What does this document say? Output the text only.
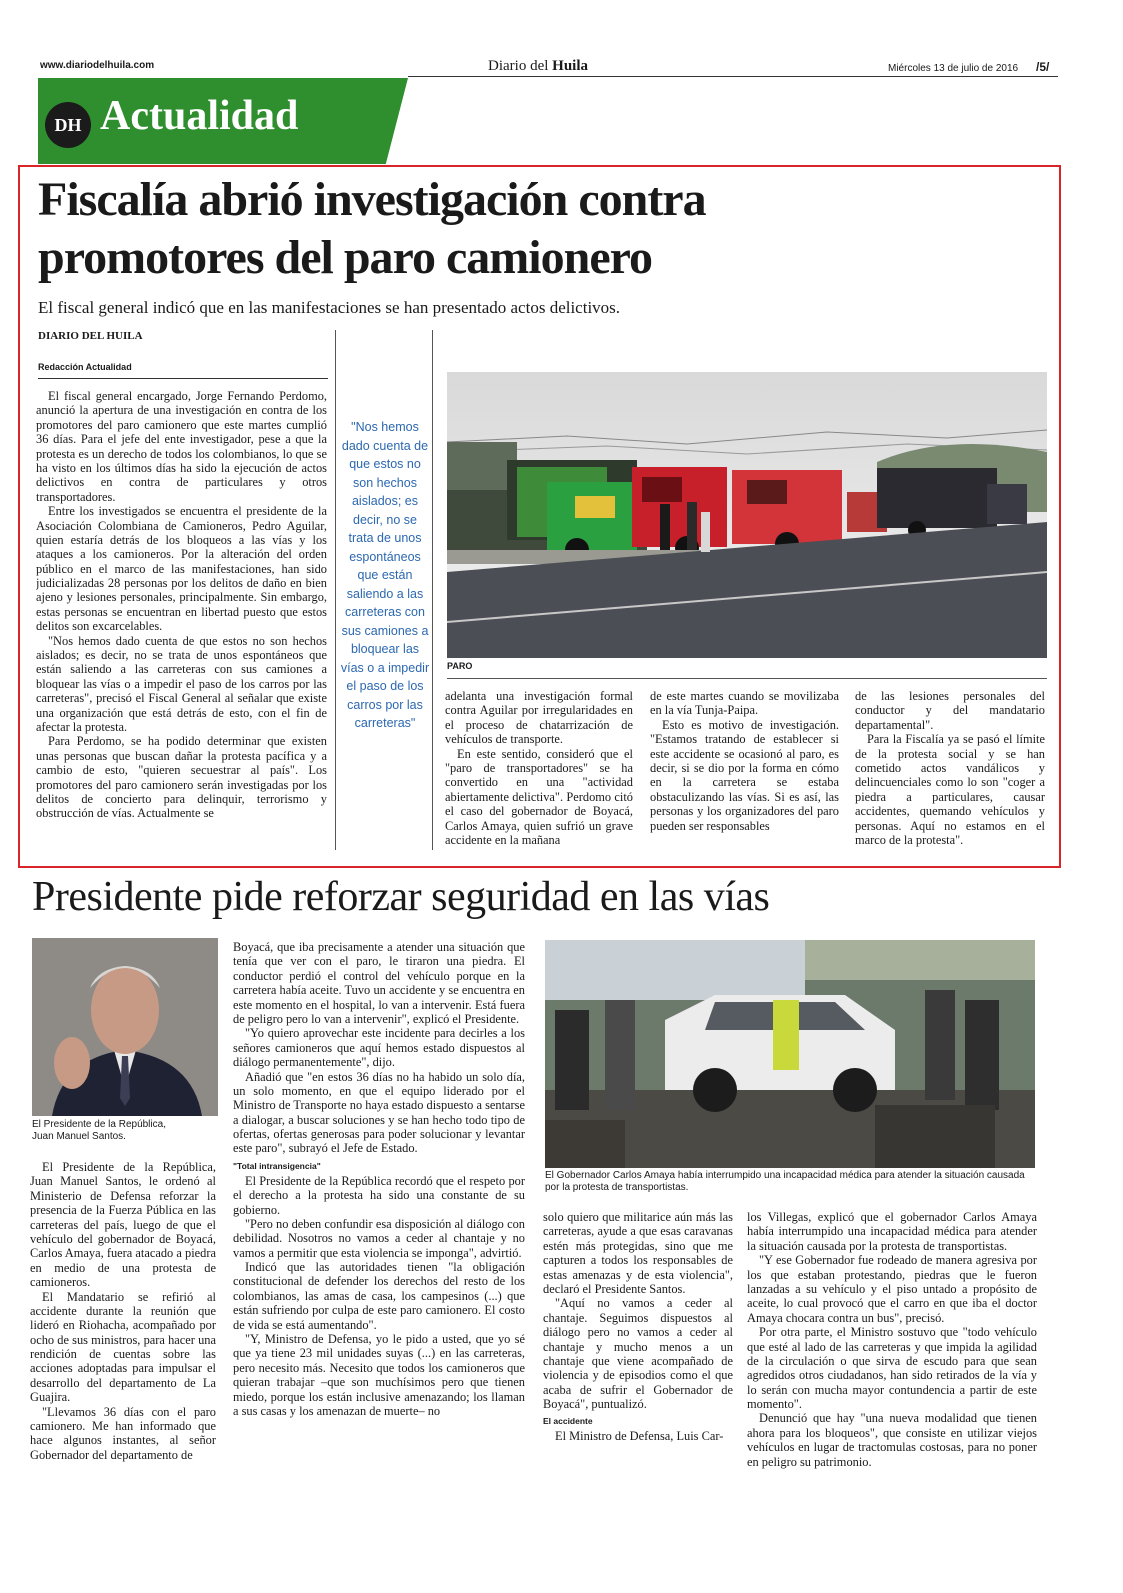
www.diariodelhuila.com	Diario del Huila	Miércoles 13 de julio de 2016 /5/
DH Actualidad
Fiscalía abrió investigación contra
promotores del paro camionero
El fiscal general indicó que en las manifestaciones se han presentado actos delictivos.
DIARIO DEL HUILA
Redacción Actualidad

El fiscal general encargado, Jorge Fernando Perdomo, anunció la apertura de una investigación en contra de los promotores del paro camionero que este martes cumplió 36 días. Para el jefe del ente investigador, pese a que la protesta es un derecho de todos los colombianos, lo que se ha visto en los últimos días ha sido la ejecución de actos delictivos en contra de particulares y otros transportadores.

Entre los investigados se encuentra el presidente de la Asociación Colombiana de Camioneros, Pedro Aguilar, quien estaría detrás de los bloqueos a las vías y los ataques a los camioneros. Por la alteración del orden público en el marco de las manifestaciones, han sido judicializadas 28 personas por los delitos de daño en bien ajeno y lesiones personales, principalmente. Sin embargo, estas personas se encuentran en libertad puesto que estos delitos son excarcelables.

"Nos hemos dado cuenta de que estos no son hechos aislados; es decir, no se trata de unos espontáneos que están saliendo a las carreteras con sus camiones a bloquear las vías o a impedir el paso de los carros por las carreteras", precisó el Fiscal General al señalar que existe una organización que está detrás de esto, con el fin de afectar la protesta.

Para Perdomo, se ha podido determinar que existen unas personas que buscan dañar la protesta pacífica y a cambio de esto, "quieren secuestrar al país". Los promotores del paro camionero serán investigadas por los delitos de concierto para delinquir, terrorismo y obstrucción de vías. Actualmente se

"Nos hemos dado cuenta de que estos no son hechos aislados; es decir, no se trata de unos espontáneos que están saliendo a las carreteras con sus camiones a bloquear las vías o a impedir el paso de los carros por las carreteras"
PARO

adelanta una investigación formal contra Aguilar por irregularidades en el proceso de chatarrización de vehículos de transporte.

En este sentido, consideró que el "paro de transportadores" se ha convertido en una "actividad abiertamente delictiva". Perdomo citó el caso del gobernador de Boyacá, Carlos Amaya, quien sufrió un grave accidente en la mañana

de este martes cuando se movilizaba en la vía Tunja-Paipa.

Esto es motivo de investigación. "Estamos tratando de establecer si este accidente se ocasionó al paro, es decir, si se dio por la forma en cómo en la carretera se estaba obstaculizando las vías. Si es así, las personas y los organizadores del paro pueden ser responsables

de las lesiones personales del conductor y del mandatario departamental".

Para la Fiscalía ya se pasó el límite de la protesta social y se han cometido actos vandálicos y delincuenciales como lo son "coger a piedra a particulares, causar accidentes, quemando vehículos y personas. Aquí no estamos en el marco de la protesta".

Presidente pide reforzar seguridad en las vías
El Presidente de la República, Juan Manuel Santos.

El Presidente de la República, Juan Manuel Santos, le ordenó al Ministerio de Defensa reforzar la presencia de la Fuerza Pública en las carreteras del país, luego de que el vehículo del gobernador de Boyacá, Carlos Amaya, fuera atacado a piedra en medio de una protesta de camioneros.

El Mandatario se refirió al accidente durante la reunión que lideró en Riohacha, acompañado por ocho de sus ministros, para hacer una rendición de cuentas sobre las acciones adoptadas para impulsar el desarrollo del departamento de La Guajira.

"Llevamos 36 días con el paro camionero. Me han informado que hace algunos instantes, al señor Gobernador del departamento de

Boyacá, que iba precisamente a atender una situación que tenía que ver con el paro, le tiraron una piedra. El conductor perdió el control del vehículo porque en la carretera había aceite. Tuvo un accidente y se encuentra en este momento en el hospital, lo van a intervenir. Está fuera de peligro pero lo van a intervenir", explicó el Presidente.

"Yo quiero aprovechar este incidente para decirles a los señores camioneros que aquí hemos estado dispuestos al diálogo permanentemente", dijo.

Añadió que "en estos 36 días no ha habido un solo día, un solo momento, en que el equipo liderado por el Ministro de Transporte no haya estado dispuesto a sentarse a dialogar, a buscar soluciones y se han hecho todo tipo de ofertas, ofertas generosas para poder solucionar y levantar este paro", subrayó el Jefe de Estado.

"Total intransigencia"

El Presidente de la República recordó que el respeto por el derecho a la protesta ha sido una constante de su gobierno.

"Pero no deben confundir esa disposición al diálogo con debilidad. Nosotros no vamos a ceder al chantaje y no vamos a permitir que esta violencia se imponga", advirtió.

Indicó que las autoridades tienen "la obligación constitucional de defender los derechos del resto de los colombianos, las amas de casa, los campesinos (...) que están sufriendo por culpa de este paro camionero. El costo de vida se está aumentando".

"Y, Ministro de Defensa, yo le pido a usted, que yo sé que ya tiene 23 mil unidades suyas (...) en las carreteras, pero necesito más. Necesito que todos los camioneros que quieran trabajar –que son muchísimos pero que tienen miedo, porque los están inclusive amenazando; los llaman a sus casas y los amenazan de muerte– no

El Gobernador Carlos Amaya había interrumpido una incapacidad médica para atender la situación causada por la protesta de transportistas.

solo quiero que militarice aún más las carreteras, ayude a que esas caravanas estén más protegidas, sino que me capturen a todos los responsables de estas amenazas y de esta violencia", declaró el Presidente Santos.

"Aquí no vamos a ceder al chantaje. Seguimos dispuestos al diálogo pero no vamos a ceder al chantaje y mucho menos a un chantaje que viene acompañado de violencia y de episodios como el que acaba de sufrir el Gobernador de Boyacá", puntualizó.

El accidente

El Ministro de Defensa, Luis Car-

los Villegas, explicó que el gobernador Carlos Amaya había interrumpido una incapacidad médica para atender la situación causada por la protesta de transportistas.

"Y ese Gobernador fue rodeado de manera agresiva por los que estaban protestando, piedras que le fueron lanzadas a su vehículo y el piso untado a propósito de aceite, lo cual provocó que el carro en que iba el doctor Amaya chocara contra un bus", precisó.

Por otra parte, el Ministro sostuvo que "todo vehículo que esté al lado de las carreteras y que impida la agilidad de la circulación o que sirva de escudo para que sean agredidos otros ciudadanos, han sido retirados de la vía y lo serán con mucha mayor contundencia a partir de este momento".

Denunció que hay "una nueva modalidad que tienen ahora para los bloqueos", que consiste en utilizar viejos vehículos en lugar de tractomulas costosas, para no poner en peligro su patrimonio.
